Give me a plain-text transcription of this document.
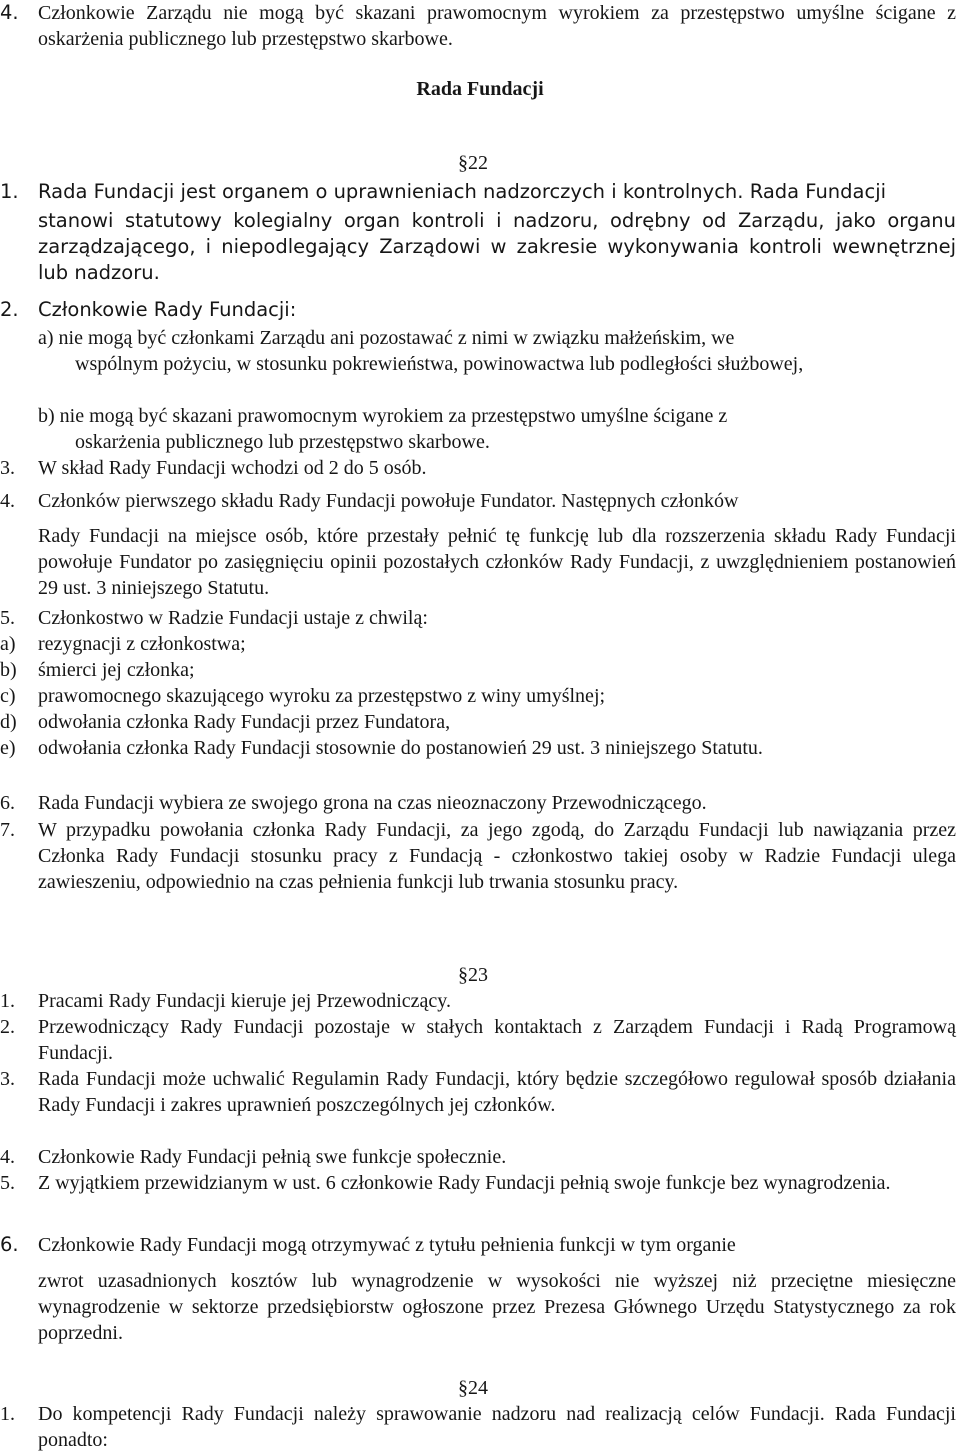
4. Członkowie Zarządu nie mogą być skazani prawomocnym wyrokiem za przestępstwo umyślne ścigane z oskarżenia publicznego lub przestępstwo skarbowe.
Rada Fundacji
§22
1. Rada Fundacji jest organem o uprawnieniach nadzorczych i kontrolnych. Rada Fundacji
stanowi statutowy kolegialny organ kontroli i nadzoru, odrębny od Zarządu, jako organu zarządzającego, i niepodlegający Zarządowi w zakresie wykonywania kontroli wewnętrznej lub nadzoru.
2. Członkowie Rady Fundacji:
a) nie mogą być członkami Zarządu ani pozostawać z nimi w związku małżeńskim, we
wspólnym pożyciu, w stosunku pokrewieństwa, powinowactwa lub podległości służbowej,
b) nie mogą być skazani prawomocnym wyrokiem za przestępstwo umyślne ścigane z
oskarżenia publicznego lub przestępstwo skarbowe.
3. W skład Rady Fundacji wchodzi od 2 do 5 osób.
4. Członków pierwszego składu Rady Fundacji powołuje Fundator. Następnych członków
Rady Fundacji na miejsce osób, które przestały pełnić tę funkcję lub dla rozszerzenia składu Rady Fundacji powołuje Fundator po zasięgnięciu opinii pozostałych członków Rady Fundacji, z uwzględnieniem postanowień 29 ust. 3 niniejszego Statutu.
5. Członkostwo w Radzie Fundacji ustaje z chwilą:
a) rezygnacji z członkostwa;
b) śmierci jej członka;
c) prawomocnego skazującego wyroku za przestępstwo z winy umyślnej;
d) odwołania członka Rady Fundacji przez Fundatora,
e) odwołania członka Rady Fundacji stosownie do postanowień 29 ust. 3 niniejszego Statutu.
6. Rada Fundacji wybiera ze swojego grona na czas nieoznaczony Przewodniczącego.
7. W przypadku powołania członka Rady Fundacji, za jego zgodą, do Zarządu Fundacji lub nawiązania przez Członka Rady Fundacji stosunku pracy z Fundacją - członkostwo takiej osoby w Radzie Fundacji ulega zawieszeniu, odpowiednio na czas pełnienia funkcji lub trwania stosunku pracy.
§23
1. Pracami Rady Fundacji kieruje jej Przewodniczący.
2. Przewodniczący Rady Fundacji pozostaje w stałych kontaktach z Zarządem Fundacji i Radą Programową Fundacji.
3. Rada Fundacji może uchwalić Regulamin Rady Fundacji, który będzie szczegółowo regulował sposób działania Rady Fundacji i zakres uprawnień poszczególnych jej członków.
4. Członkowie Rady Fundacji pełnią swe funkcje społecznie.
5. Z wyjątkiem przewidzianym w ust. 6 członkowie Rady Fundacji pełnią swoje funkcje bez wynagrodzenia.
6. Członkowie Rady Fundacji mogą otrzymywać z tytułu pełnienia funkcji w tym organie
zwrot uzasadnionych kosztów lub wynagrodzenie w wysokości nie wyższej niż przeciętne miesięczne wynagrodzenie w sektorze przedsiębiorstw ogłoszone przez Prezesa Głównego Urzędu Statystycznego za rok poprzedni.
§24
1. Do kompetencji Rady Fundacji należy sprawowanie nadzoru nad realizacją celów Fundacji. Rada Fundacji ponadto:
